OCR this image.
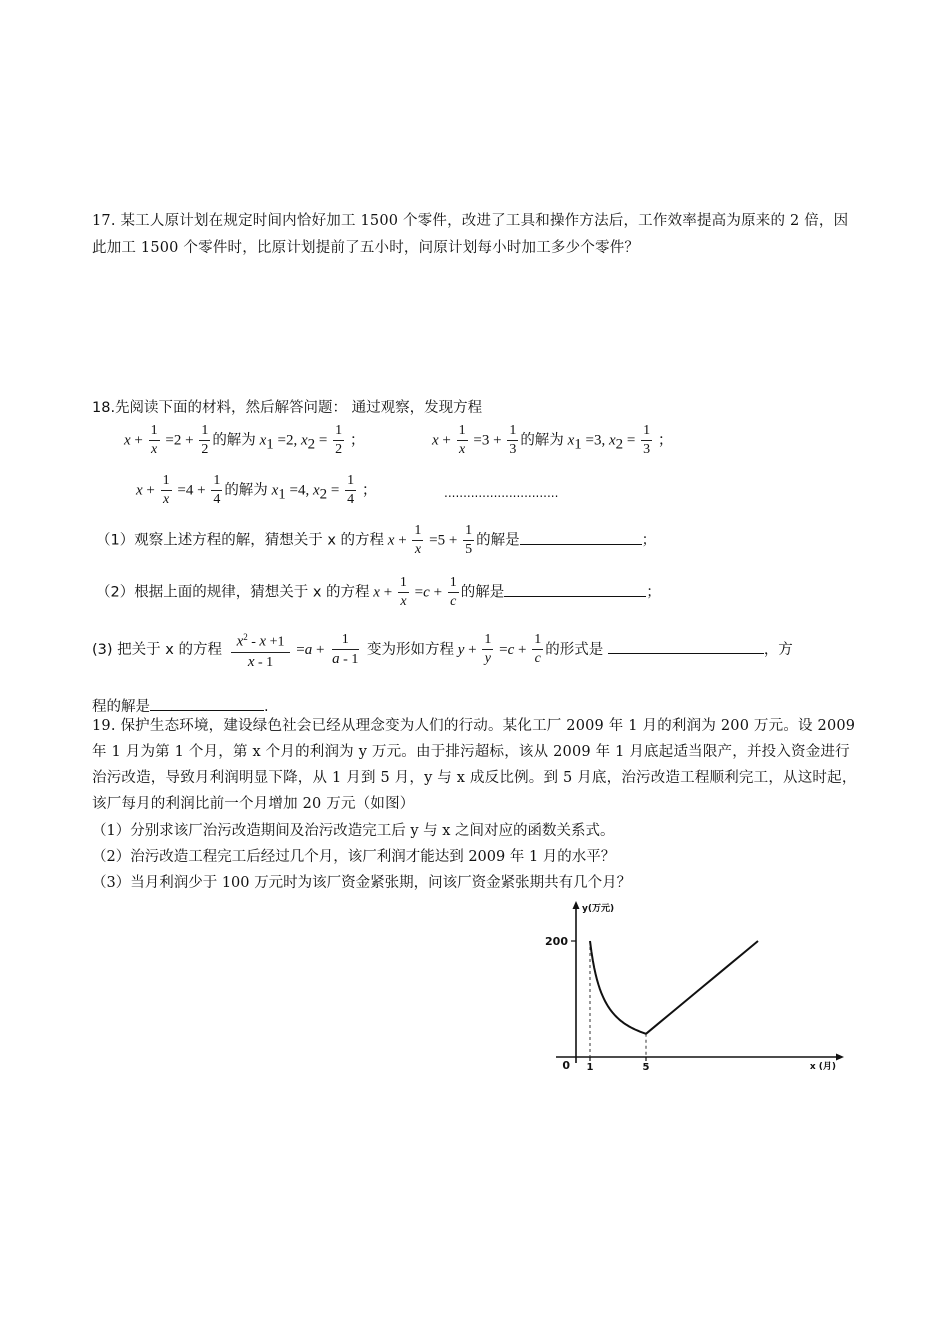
17. 某工人原计划在规定时间内恰好加工 1500 个零件，改进了工具和操作方法后，工作效率提高为原来的 2 倍，因此加工 1500 个零件时，比原计划提前了五小时，问原计划每小时加工多少个零件？
18.先阅读下面的材料，然后解答问题： 通过观察，发现方程
$x + \frac{1}{x} =2 + \frac{1}{2}$ 的解为 $x_1 =2$, $x_2 = \frac{1}{2}$ ；	$x + \frac{1}{x} =3 + \frac{1}{3}$ 的解为 $x_1 =3$, $x_2 = \frac{1}{3}$ ；
$x + \frac{1}{x} =4 + \frac{1}{4}$ 的解为 $x_1 =4$, $x_2 = \frac{1}{4}$ ；	..............................
（1）观察上述方程的解，猜想关于 x 的方程 $x + \frac{1}{x} =5 + \frac{1}{5}$ 的解是	；
（2）根据上面的规律，猜想关于 x 的方程 $x + \frac{1}{x} =c + \frac{1}{c}$ 的解是	；
(3) 把关于 x 的方程 $\frac{x^2 - x +1}{x - 1} =a + \frac{1}{a - 1}$ 变为形如方程 $y + \frac{1}{y} =c + \frac{1}{c}$ 的形式是	，方
程的解是	.
19. 保护生态环境，建设绿色社会已经从理念变为人们的行动。某化工厂 2009 年 1 月的利润为 200 万元。设 2009 年 1 月为第 1 个月，第 x 个月的利润为 y 万元。由于排污超标，该从 2009 年 1 月底起适当限产，并投入资金进行治污改造，导致月利润明显下降，从 1 月到 5 月，y 与 x 成反比例。到 5 月底，治污改造工程顺利完工，从这时起，该厂每月的利润比前一个月增加 20 万元（如图）
（1）分别求该厂治污改造期间及治污改造完工后 y 与 x 之间对应的函数关系式。
（2）治污改造工程完工后经过几个月，该厂利润才能达到 2009 年 1 月的水平？
（3）当月利润少于 100 万元时为该厂资金紧张期，问该厂资金紧张期共有几个月？
y(万元)
x (月)
200
0 1	5
